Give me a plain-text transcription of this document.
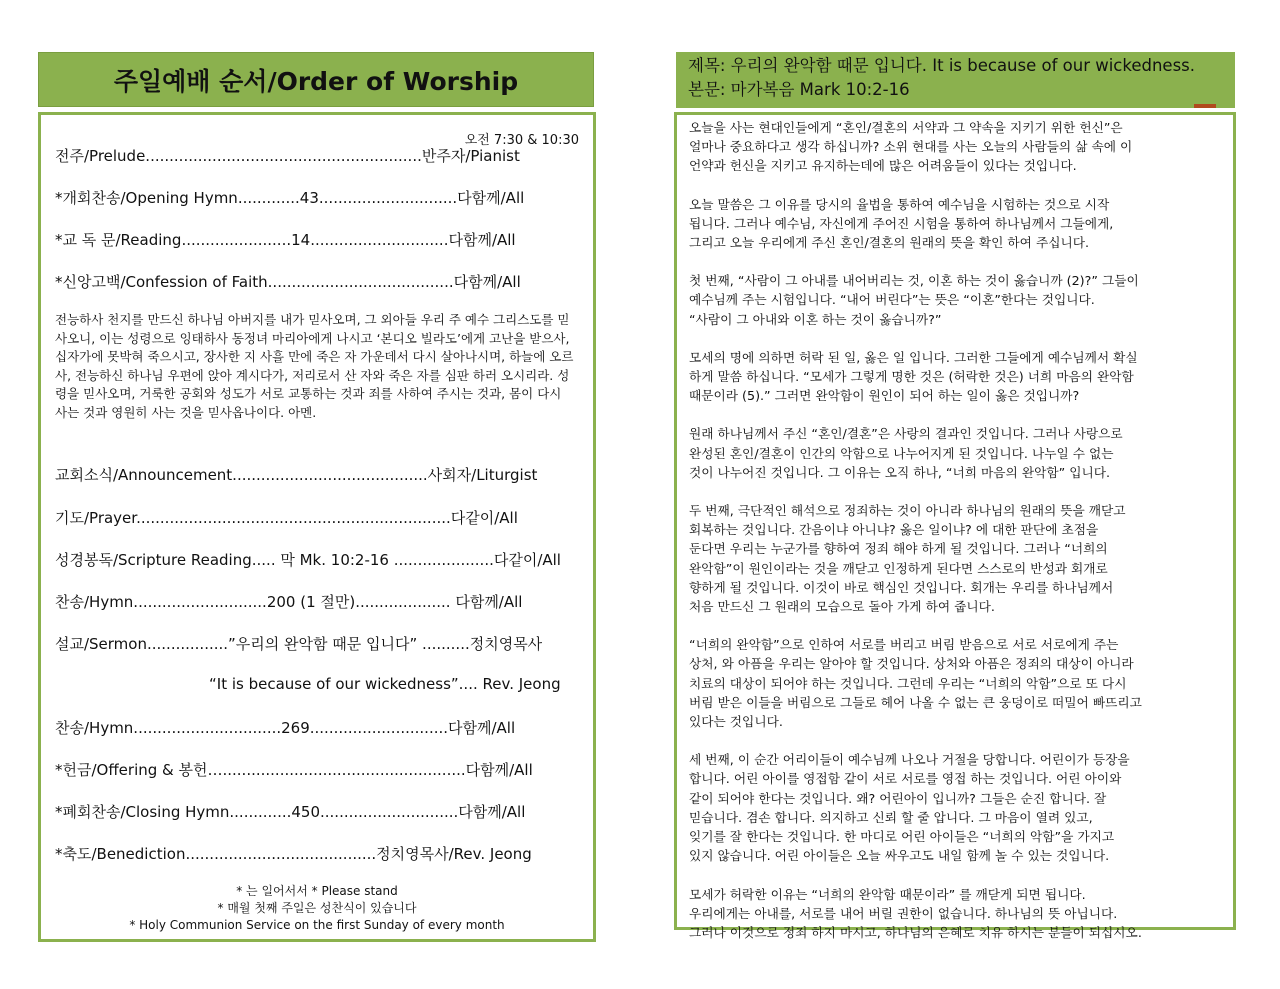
주일예배 순서/Order of Worship
오전 7:30 & 10:30
전주/Prelude..........................................................반주자/Pianist
*개회찬송/Opening Hymn.............43.............................다함께/All
*교 독 문/Reading.......................14.............................다함께/All
*신앙고백/Confession of Faith.......................................다함께/All
전능하사 천지를 만드신 하나님 아버지를 내가 믿사오며, 그 외아들 우리 주 예수 그리스도를 믿사오니, 이는 성령으로 잉태하사 동정녀 마리아에게 나시고 ‘본디오 빌라도’에게 고난을 받으사, 십자가에 못박혀 죽으시고, 장사한 지 사흘 만에 죽은 자 가운데서 다시 살아나시며, 하늘에 오르사, 전능하신 하나님 우편에 앉아 계시다가, 저리로서 산 자와 죽은 자를 심판 하러 오시리라. 성령을 믿사오며, 거룩한 공회와 성도가 서로 교통하는 것과 죄를 사하여 주시는 것과, 몸이 다시 사는 것과 영원히 사는 것을 믿사옵나이다. 아멘.
교회소식/Announcement.........................................사회자/Liturgist
기도/Prayer..................................................................다같이/All
성경봉독/Scripture Reading..... 막 Mk. 10:2-16 .....................다같이/All
찬송/Hymn............................200 (1 절만).................... 다함께/All
설교/Sermon.................”우리의 완악함 때문 입니다” ..........정치영목사
“It is because of our wickedness”.... Rev. Jeong
찬송/Hymn...............................269.............................다함께/All
*헌금/Offering & 봉헌…...................................................다함께/All
*폐회찬송/Closing Hymn.............450.............................다함께/All
*축도/Benediction........................................정치영목사/Rev. Jeong
* 는 일어서서 * Please stand
* 매월 첫째 주일은 성찬식이 있습니다
* Holy Communion Service on the first Sunday of every month
제목: 우리의 완악함 때문 입니다. It is because of our wickedness.
본문: 마가복음 Mark 10:2-16
오늘을 사는 현대인들에게 “혼인/결혼의 서약과 그 약속을 지키기 위한 헌신”은
얼마나 중요하다고 생각 하십니까? 소위 현대를 사는 오늘의 사람들의 삶 속에 이
언약과 헌신을 지키고 유지하는데에 많은 어려움들이 있다는 것입니다.
오늘 말씀은 그 이유를 당시의 율법을 통하여 예수님을 시험하는 것으로 시작
됩니다. 그러나 예수님, 자신에게 주어진 시험을 통하여 하나님께서 그들에게,
그리고 오늘 우리에게 주신 혼인/결혼의 원래의 뜻을 확인 하여 주십니다.
첫 번째, “사람이 그 아내를 내어버리는 것, 이혼 하는 것이 옳습니까 (2)?” 그들이
예수님께 주는 시험입니다. “내어 버린다”는 뜻은 “이혼”한다는 것입니다.
“사람이 그 아내와 이혼 하는 것이 옳습니까?”
모세의 명에 의하면 허락 된 일, 옳은 일 입니다. 그러한 그들에게 예수님께서 확실
하게 말씀 하십니다. “모세가 그렇게 명한 것은 (허락한 것은) 너희 마음의 완악함
때문이라 (5).” 그러면 완악함이 원인이 되어 하는 일이 옳은 것입니까?
원래 하나님께서 주신 “혼인/결혼”은 사랑의 결과인 것입니다. 그러나 사랑으로
완성된 혼인/결혼이 인간의 악함으로 나누어지게 된 것입니다. 나누일 수 없는
것이 나누어진 것입니다. 그 이유는 오직 하나, “너희 마음의 완악함” 입니다.
두 번째, 극단적인 해석으로 정죄하는 것이 아니라 하나님의 원래의 뜻을 깨닫고
회복하는 것입니다. 간음이냐 아니냐? 옳은 일이냐? 에 대한 판단에 초점을
둔다면 우리는 누군가를 향하여 정죄 해야 하게 될 것입니다. 그러나 “너희의
완악함”이 원인이라는 것을 깨닫고 인정하게 된다면 스스로의 반성과 회개로
향하게 될 것입니다. 이것이 바로 핵심인 것입니다. 회개는 우리를 하나님께서
처음 만드신 그 원래의 모습으로 돌아 가게 하여 줍니다.
“너희의 완악함”으로 인하여 서로를 버리고 버림 받음으로 서로 서로에게 주는
상처, 와 아픔을 우리는 알아야 할 것입니다. 상처와 아픔은 정죄의 대상이 아니라
치료의 대상이 되어야 하는 것입니다. 그런데 우리는 “너희의 악함”으로 또 다시
버림 받은 이들을 버림으로 그들로 헤어 나올 수 없는 큰 웅덩이로 떠밀어 빠뜨리고
있다는 것입니다.
세 번째, 이 순간 어리이들이 예수님께 나오나 거절을 당합니다. 어린이가 등장을
합니다. 어린 아이를 영접함 같이 서로 서로를 영접 하는 것입니다. 어린 아이와
같이 되어야 한다는 것입니다. 왜? 어린아이 입니까? 그들은 순진 합니다. 잘
믿습니다. 겸손 합니다. 의지하고 신뢰 할 줄 압니다. 그 마음이 열려 있고,
잊기를 잘 한다는 것입니다. 한 마디로 어린 아이들은 “너희의 악함”을 가지고
있지 않습니다. 어린 아이들은 오늘 싸우고도 내일 함께 놀 수 있는 것입니다.
모세가 허락한 이유는 “너희의 완악함 때문이라” 를 깨닫게 되면 됩니다.
우리에게는 아내를, 서로를 내어 버릴 권한이 없습니다. 하나님의 뜻 아닙니다.
그러나 이것으로 정죄 하지 마시고, 하나님의 은혜로 치유 하시는 분들이 되십시오.
